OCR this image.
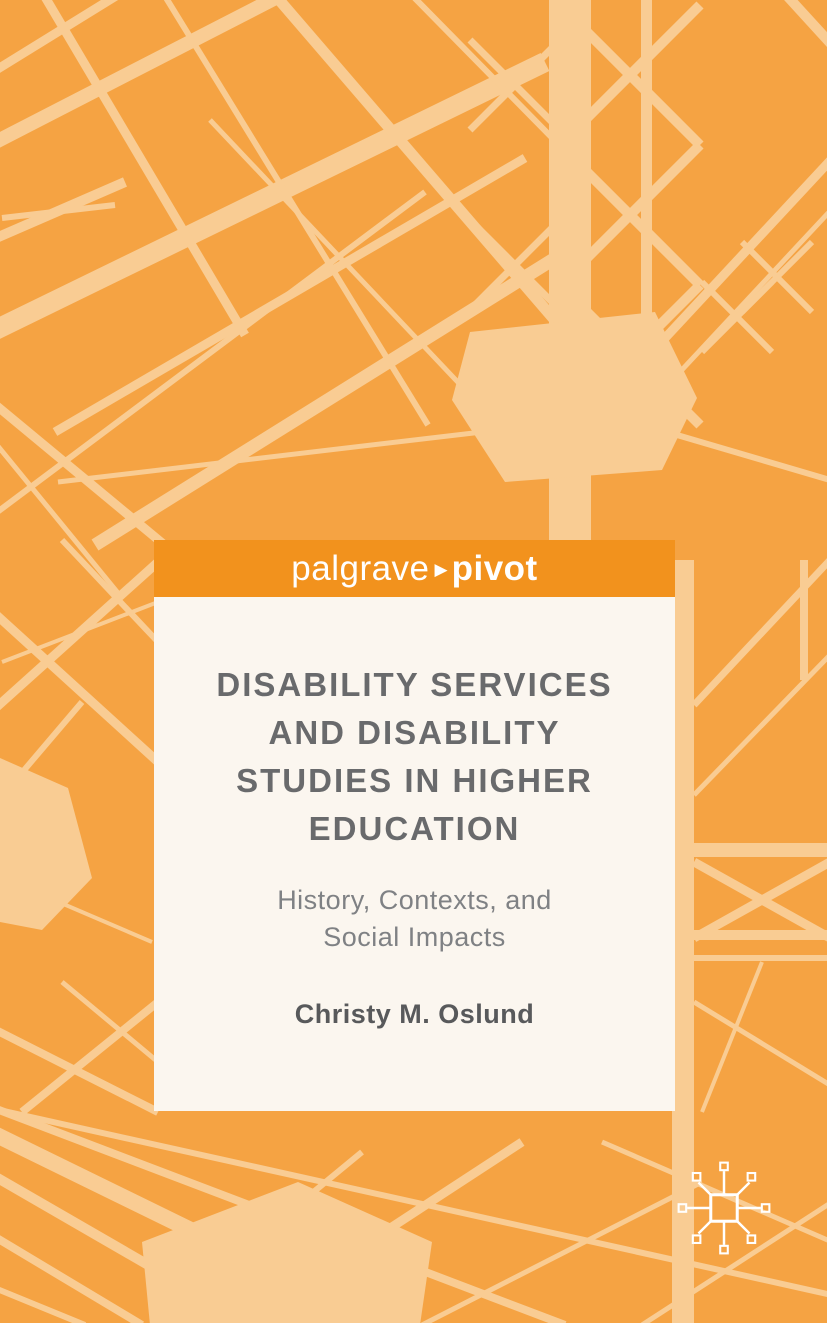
palgrave ▶ pivot
DISABILITY SERVICES
AND DISABILITY
STUDIES IN HIGHER
EDUCATION
History, Contexts, and
Social Impacts
Christy M. Oslund
